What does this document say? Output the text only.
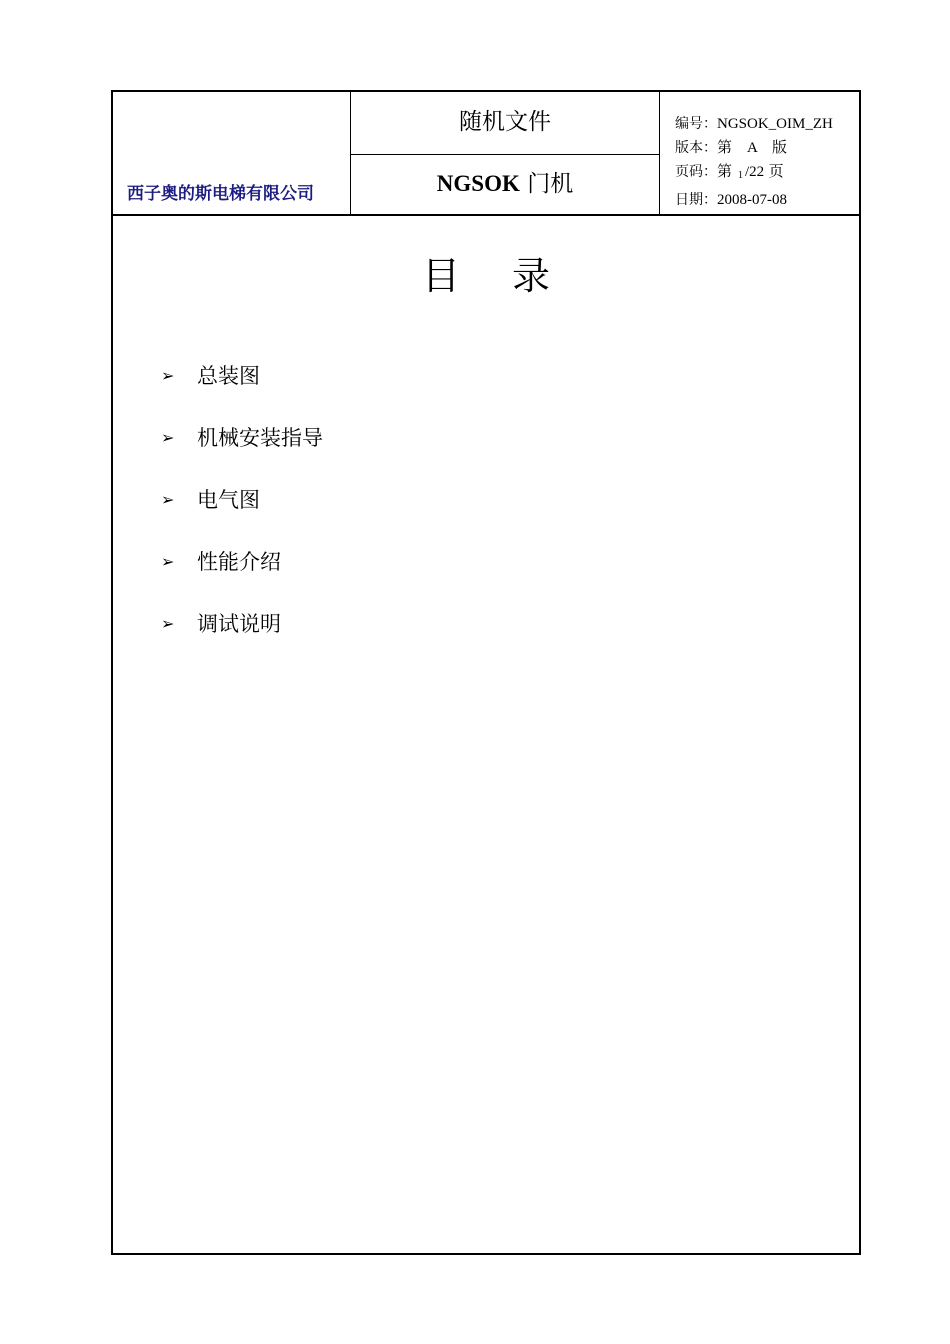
西子奥的斯电梯有限公司
随机文件
NGSOK 门机
编号：NGSOK_OIM_ZH
版本：第　A　版
页码：第 $_1$ /22 页
日期：2008-07-08
目 录
➢ 总装图
➢ 机械安装指导
➢ 电气图
➢ 性能介绍
➢ 调试说明
